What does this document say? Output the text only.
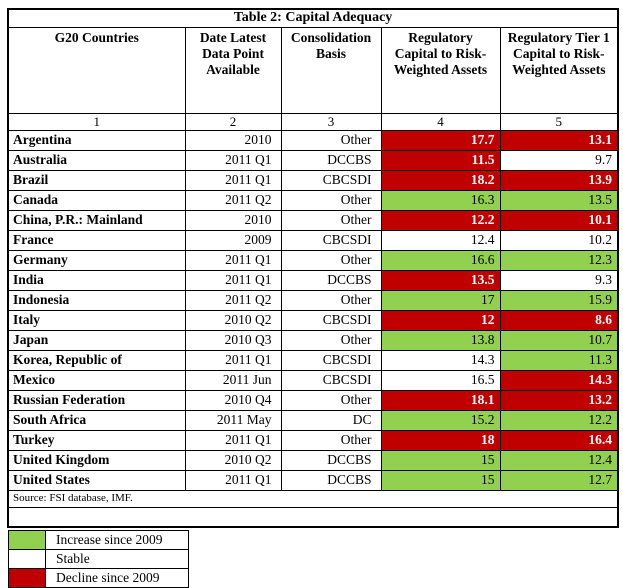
Table 2: Capital Adequacy				
G20 Countries	Date Latest Data Point Available	Consolidation Basis	Regulatory Capital to Risk-Weighted Assets	Regulatory Tier 1 Capital to Risk-Weighted Assets
1	2	3	4	5
Argentina	2010	Other	17.7	13.1
Australia	2011 Q1	DCCBS	11.5	9.7
Brazil	2011 Q1	CBCSDI	18.2	13.9
Canada	2011 Q2	Other	16.3	13.5
China, P.R.: Mainland	2010	Other	12.2	10.1
France	2009	CBCSDI	12.4	10.2
Germany	2011 Q1	Other	16.6	12.3
India	2011 Q1	DCCBS	13.5	9.3
Indonesia	2011 Q2	Other	17	15.9
Italy	2010 Q2	CBCSDI	12	8.6
Japan	2010 Q3	Other	13.8	10.7
Korea, Republic of	2011 Q1	CBCSDI	14.3	11.3
Mexico	2011 Jun	CBCSDI	16.5	14.3
Russian Federation	2010 Q4	Other	18.1	13.2
South Africa	2011 May	DC	15.2	12.2
Turkey	2011 Q1	Other	18	16.4
United Kingdom	2010 Q2	DCCBS	15	12.4
United States	2011 Q1	DCCBS	15	12.7
Source: FSI database, IMF.				

	Increase since 2009
	Stable
	Decline since 2009
